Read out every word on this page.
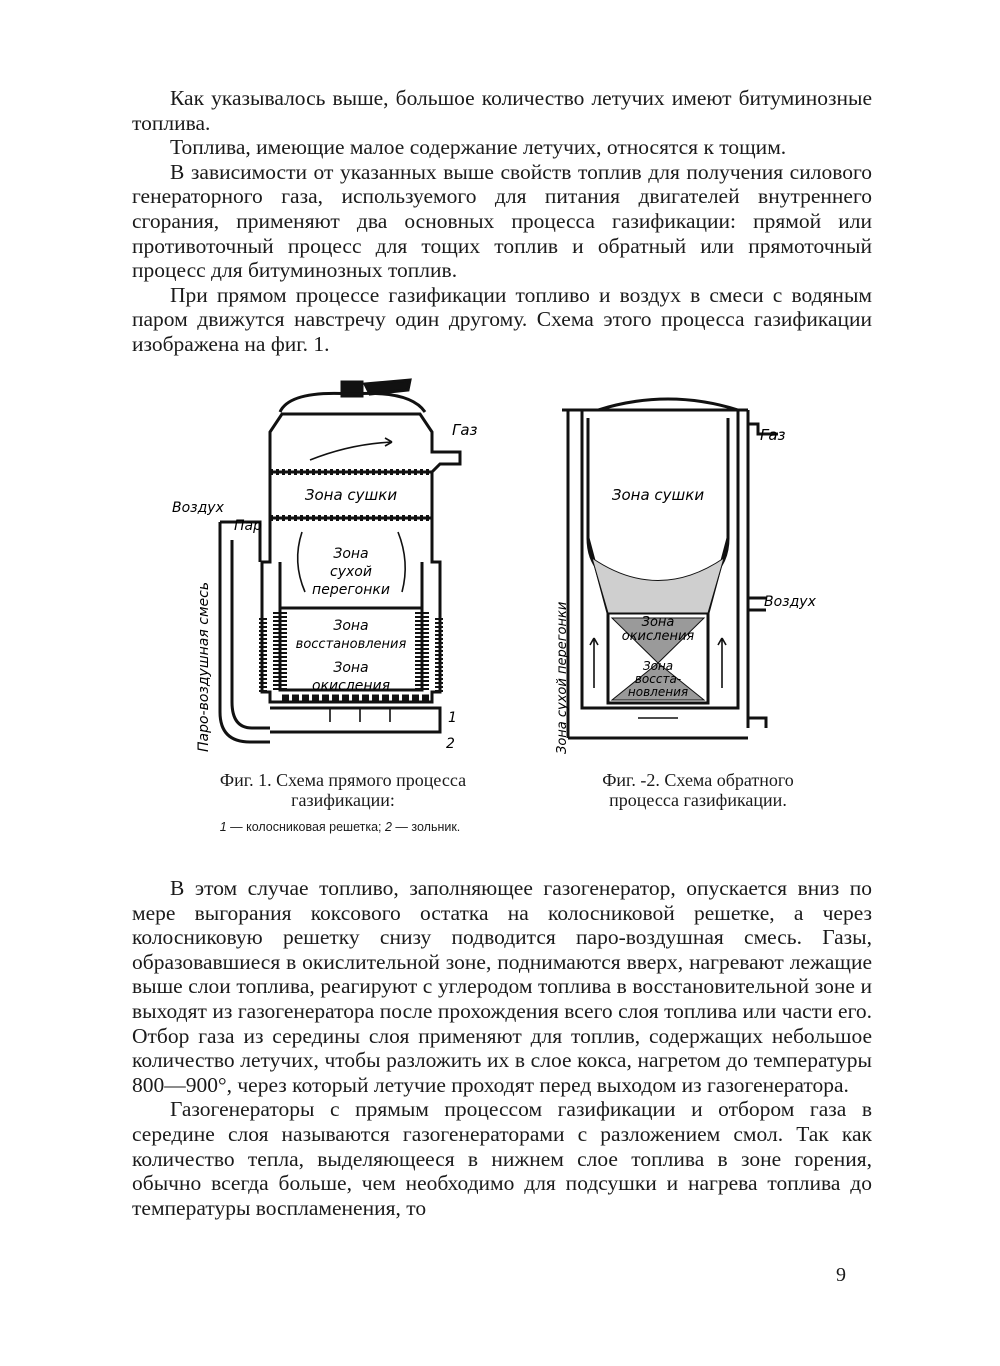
Как указывалось выше, большое количество летучих имеют битуминозные топлива.

Топлива, имеющие малое содержание летучих, относятся к тощим.

В зависимости от указанных выше свойств топлив для получения силового генераторного газа, используемого для питания двигателей внутреннего сгорания, применяют два основных процесса газификации: прямой или противоточный процесс для тощих топлив и обратный или прямоточный процесс для битуминозных топлив.

При прямом процессе газификации топливо и воздух в смеси с водяным паром движутся навстречу один другому. Схема этого процесса газификации изображена на фиг. 1.

Газ
Воздух
Пар
Зона сушки
Зона
сухой
перегонки
Зона
восстановления
Зона
окисления
Паро-воздушная смесь	1
2
Газ
Воздух
Зона сушки
Зона
окисления
Зона
восста-
новления
Зона сухой перегонки
Фиг. 1. Схема прямого процесса
газификации:
1 — колосниковая решетка; 2 — зольник.
Фиг. -2. Схема обратного
процесса газификации.

В этом случае топливо, заполняющее газогенератор, опускается вниз по мере выгорания коксового остатка на колосниковой решетке, а через колосниковую решетку снизу подводится паро-воздушная смесь. Газы, образовавшиеся в окислительной зоне, поднимаются вверх, нагревают лежащие выше слои топлива, реагируют с углеродом топлива в восстановительной зоне и выходят из газогенератора после прохождения всего слоя топлива или части его. Отбор газа из середины слоя применяют для топлив, содержащих небольшое количество летучих, чтобы разложить их в слое кокса, нагретом до температуры 800—900°, через который летучие проходят перед выходом из газогенератора.

Газогенераторы с прямым процессом газификации и отбором газа в середине слоя называются газогенераторами с разложением смол. Так как количество тепла, выделяющееся в нижнем слое топлива в зоне горения, обычно всегда больше, чем необходимо для подсушки и нагрева топлива до температуры воспламенения, то

9
